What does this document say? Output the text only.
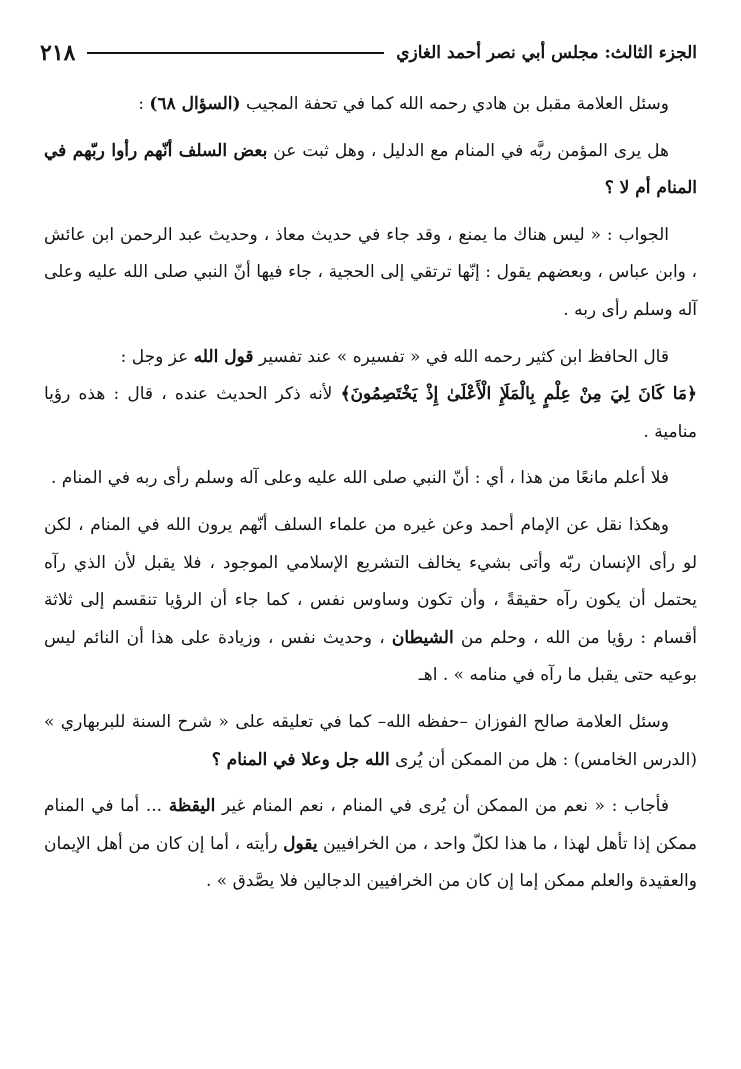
٢١٨	الجزء الثالث: مجلس أبي نصر أحمد الغازي

وسئل العلامة مقبل بن هادي رحمه الله كما في تحفة المجيب (السؤال ٦٨) :

هل يرى المؤمن ربَّه في المنام مع الدليل ، وهل ثبت عن بعض السلف أنّهم رأوا ربّهم في المنام أم لا ؟

الجواب : « ليس هناك ما يمنع ، وقد جاء في حديث معاذ ، وحديث عبد الرحمن ابن عائش ، وابن عباس ، وبعضهم يقول : إنّها ترتقي إلى الحجية ، جاء فيها أنّ النبي صلى الله عليه وعلى آله وسلم رأى ربه .

قال الحافظ ابن كثير رحمه الله في « تفسيره » عند تفسير قول الله عز وجل :

﴿مَا كَانَ لِيَ مِنْ عِلْمٍ بِالْمَلَإِ الْأَعْلَىٰ إِذْ يَخْتَصِمُونَ﴾ لأنه ذكر الحديث عنده ، قال : هذه رؤيا منامية .

فلا أعلم مانعًا من هذا ، أي : أنّ النبي صلى الله عليه وعلى آله وسلم رأى ربه في المنام .

وهكذا نقل عن الإمام أحمد وعن غيره من علماء السلف أنّهم يرون الله في المنام ، لكن لو رأى الإنسان ربّه وأتى بشيء يخالف التشريع الإسلامي الموجود ، فلا يقبل لأن الذي رآه يحتمل أن يكون رآه حقيقةً ، وأن تكون وساوس نفس ، كما جاء أن الرؤيا تنقسم إلى ثلاثة أقسام : رؤيا من الله ، وحلم من الشيطان ، وحديث نفس ، وزيادة على هذا أن النائم ليس بوعيه حتى يقبل ما رآه في منامه » . اهـ

وسئل العلامة صالح الفوزان –حفظه الله– كما في تعليقه على « شرح السنة للبربهاري » (الدرس الخامس) : هل من الممكن أن يُرى الله جل وعلا في المنام ؟

فأجاب : « نعم من الممكن أن يُرى في المنام ، نعم المنام غير اليقظة ... أما في المنام ممكن إذا تأهل لهذا ، ما هذا لكلّ واحد ، من الخرافيين يقول رأيته ، أما إن كان من أهل الإيمان والعقيدة والعلم ممكن إما إن كان من الخرافيين الدجالين فلا يصَّدق » .
